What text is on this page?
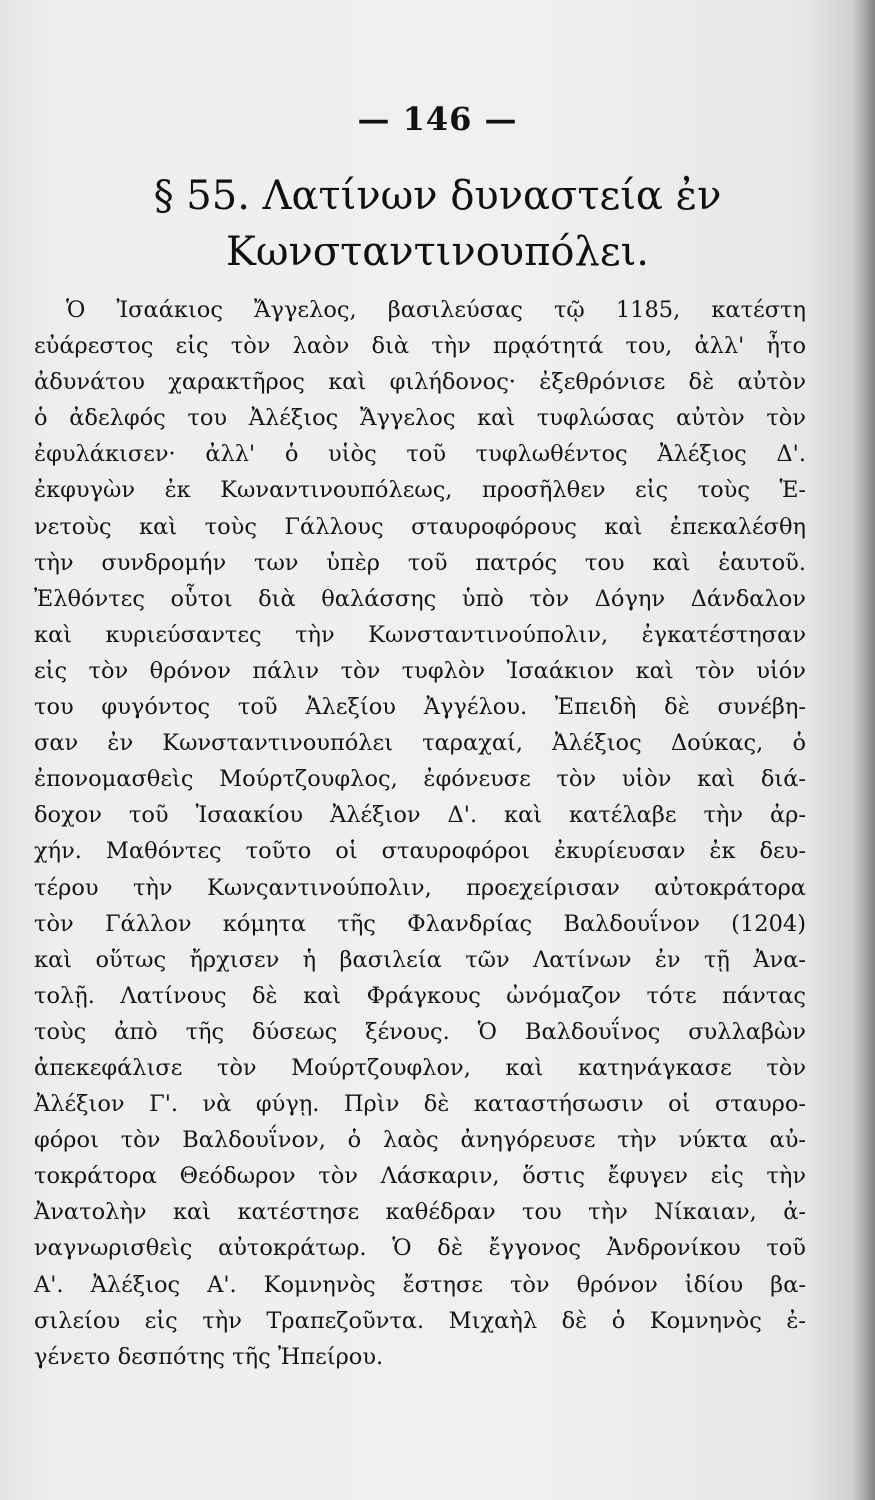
— 146 —
§ 55. Λατίνων δυναστεία ἐν
Κωνσταντινουπόλει.
Ὁ Ἰσαάκιος Ἄγγελος, βασιλεύσας τῷ 1185, κατέστη
εὐάρεστος εἰς τὸν λαὸν διὰ τὴν πρᾳότητά του, ἀλλ' ἦτο
ἀδυνάτου χαρακτῆρος καὶ φιλήδονος· ἐξεθρόνισε δὲ αὐτὸν
ὁ ἀδελφός του Ἀλέξιος Ἄγγελος καὶ τυφλώσας αὐτὸν τὸν
ἐφυλάκισεν· ἀλλ' ὁ υἱὸς τοῦ τυφλωθέντος Ἀλέξιος Δ'.
ἐκφυγὼν ἐκ Κωναντινουπόλεως, προσῆλθεν εἰς τοὺς Ἑ-
νετοὺς καὶ τοὺς Γάλλους σταυροφόρους καὶ ἐπεκαλέσθη
τὴν συνδρομήν των ὑπὲρ τοῦ πατρός του καὶ ἑαυτοῦ.
Ἐλθόντες οὗτοι διὰ θαλάσσης ὑπὸ τὸν Δόγην Δάνδαλον
καὶ κυριεύσαντες τὴν Κωνσταντινούπολιν, ἐγκατέστησαν
εἰς τὸν θρόνον πάλιν τὸν τυφλὸν Ἰσαάκιον καὶ τὸν υἱόν
του φυγόντος τοῦ Ἀλεξίου Ἀγγέλου. Ἐπειδὴ δὲ συνέβη-
σαν ἐν Κωνσταντινουπόλει ταραχαί, Ἀλέξιος Δούκας, ὁ
ἐπονομασθεὶς Μούρτζουφλος, ἐφόνευσε τὸν υἱὸν καὶ διά-
δοχον τοῦ Ἰσαακίου Ἀλέξιον Δ'. καὶ κατέλαβε τὴν ἀρ-
χήν. Μαθόντες τοῦτο οἱ σταυροφόροι ἐκυρίευσαν ἐκ δευ-
τέρου τὴν Κωνςαντινούπολιν, προεχείρισαν αὐτοκράτορα
τὸν Γάλλον κόμητα τῆς Φλανδρίας Βαλδουΐνον (1204)
καὶ οὕτως ἤρχισεν ἡ βασιλεία τῶν Λατίνων ἐν τῇ Ἀνα-
τολῇ. Λατίνους δὲ καὶ Φράγκους ὠνόμαζον τότε πάντας
τοὺς ἀπὸ τῆς δύσεως ξένους. Ὁ Βαλδουΐνος συλλαβὼν
ἀπεκεφάλισε τὸν Μούρτζουφλον, καὶ κατηνάγκασε τὸν
Ἀλέξιον Γ'. νὰ φύγῃ. Πρὶν δὲ καταστήσωσιν οἱ σταυρο-
φόροι τὸν Βαλδουΐνον, ὁ λαὸς ἀνηγόρευσε τὴν νύκτα αὐ-
τοκράτορα Θεόδωρον τὸν Λάσκαριν, ὅστις ἔφυγεν εἰς τὴν
Ἀνατολὴν καὶ κατέστησε καθέδραν του τὴν Νίκαιαν, ἀ-
ναγνωρισθεὶς αὐτοκράτωρ. Ὁ δὲ ἔγγονος Ἀνδρονίκου τοῦ
Α'. Ἀλέξιος Α'. Κομνηνὸς ἔστησε τὸν θρόνον ἰδίου βα-
σιλείου εἰς τὴν Τραπεζοῦντα. Μιχαὴλ δὲ ὁ Κομνηνὸς ἐ-
γένετο δεσπότης τῆς Ἠπείρου.
